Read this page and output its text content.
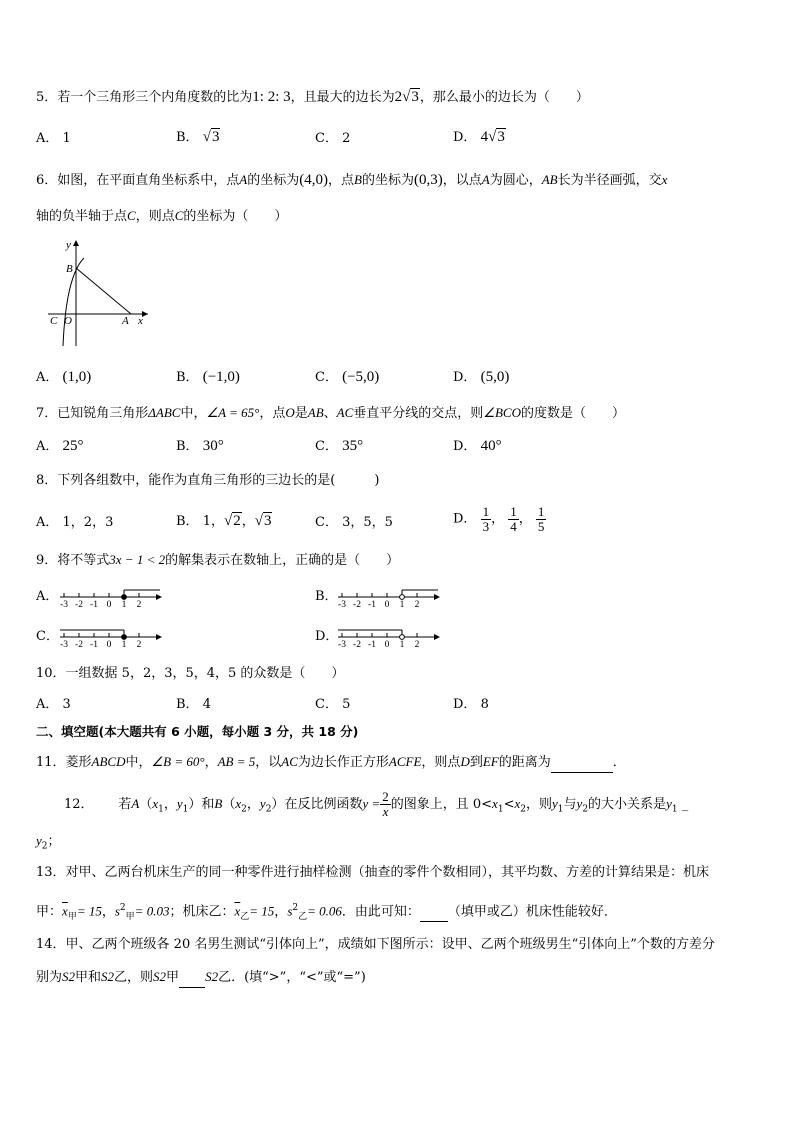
5．若一个三角形三个内角度数的比为1: 2: 3，且最大的边长为2√3，那么最小的边长为（　　）
A． 1	B． √3	C． 2	D． 4√3
6．如图，在平面直角坐标系中，点A的坐标为(4,0)，点B的坐标为(0,3)，以点A为圆心，AB长为半径画弧，交x
轴的负半轴于点C，则点C的坐标为（　　）
y
B
C O	A x
A． (1,0)	B． (−1,0)	C． (−5,0)	D． (5,0)
7．已知锐角三角形ΔABC中，∠A = 65°，点O是AB、AC垂直平分线的交点，则∠BCO的度数是（　　）
A． 25°	B． 30°	C． 35°	D． 40°
8．下列各组数中，能作为直角三角形的三边长的是(　　　)
A． 1，2，3	B． 1，√2，√3	C． 3，5，5	D． $\frac{1}{3}$ ， $\frac{1}{4}$ ， $\frac{1}{5}$
9．将不等式3x − 1 < 2的解集表示在数轴上，正确的是（　　）
A．
-3 -2 -1 0 1 2
B．
-3 -2 -1 0 1 2
C．
-3 -2 -1 0 1 2
D．
-3 -2 -1 0 1 2
10．一组数据 5，2，3，5，4，5 的众数是（　　）
A． 3	B． 4	C． 5	D． 8
二、填空题(本大题共有 6 小题，每小题 3 分，共 18 分)
11．菱形ABCD中，∠B = 60°，AB = 5，以AC为边长作正方形ACFE，则点D到EF的距离为	．
12． 若$A(x_1$，$y_1$）和$B(x_2$，$y_2$）在反比例函数$y = \frac{2}{x}$ 的图象上，且 $0<x_1<x_2$，则$y_1$与$y_2$的大小关系是$y_1$ _
$y_2$；
13．对甲、乙两台机床生产的同一种零件进行抽样检测（抽查的零件个数相同），其平均数、方差的计算结果是：机床
甲：$\overline{x}_甲= 15$，$s^2_甲= 0.03$；机床乙：$\overline{x}_乙= 15$，$s^2_乙= 0.06$．由此可知： （填甲或乙）机床性能较好．
14．甲、乙两个班级各 20 名男生测试“引体向上”，成绩如下图所示：设甲、乙两个班级男生“引体向上”个数的方差分
别为S2甲和S2乙，则S2甲 S2乙．(填“>”，“<”或“=”)
